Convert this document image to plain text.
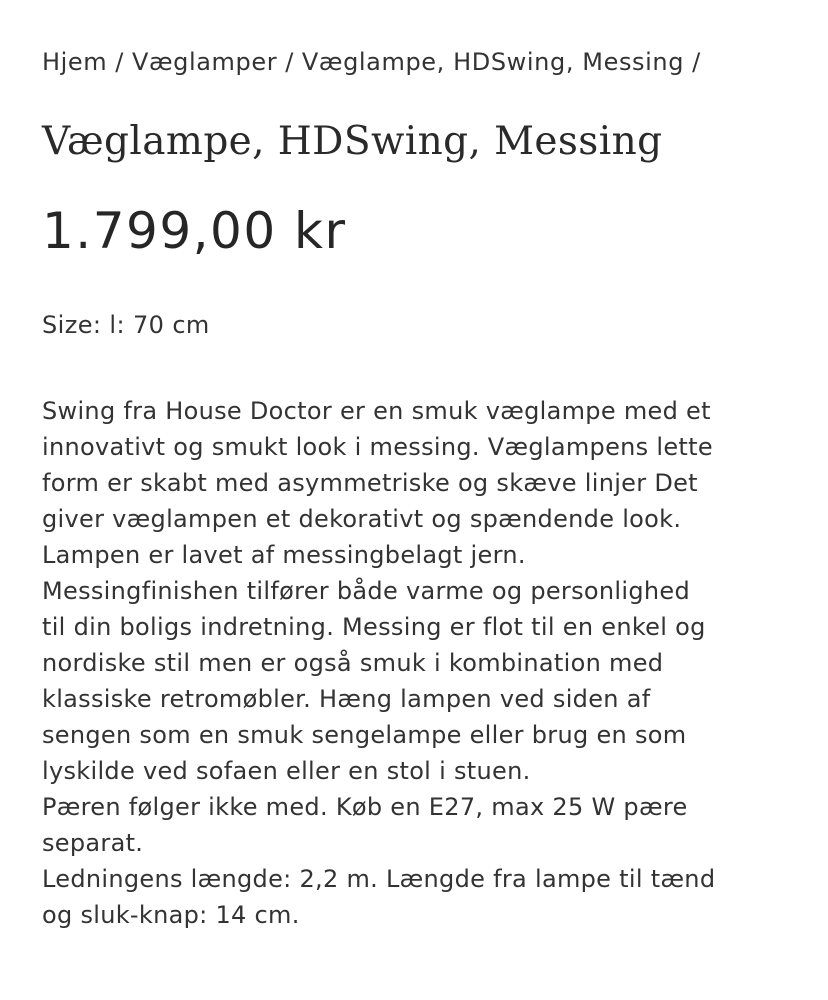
Hjem / Væglamper / Væglampe, HDSwing, Messing /
Væglampe, HDSwing, Messing
1.799,00 kr
Size: l: 70 cm
Swing fra House Doctor er en smuk væglampe med et
innovativt og smukt look i messing. Væglampens lette
form er skabt med asymmetriske og skæve linjer Det
giver væglampen et dekorativt og spændende look.
Lampen er lavet af messingbelagt jern.
Messingfinishen tilfører både varme og personlighed
til din boligs indretning. Messing er flot til en enkel og
nordiske stil men er også smuk i kombination med
klassiske retromøbler. Hæng lampen ved siden af
sengen som en smuk sengelampe eller brug en som
lyskilde ved sofaen eller en stol i stuen.
Pæren følger ikke med. Køb en E27, max 25 W pære
separat.
Ledningens længde: 2,2 m. Længde fra lampe til tænd
og sluk-knap: 14 cm.
